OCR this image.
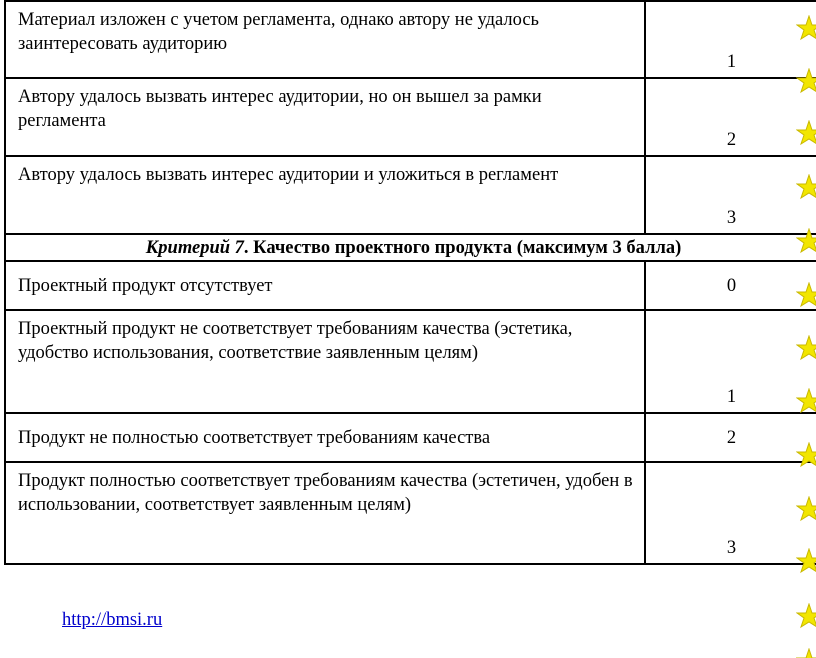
Материал изложен с учетом регламента, однако автору не удалось заинтересовать аудиторию	1
Автору удалось вызвать интерес аудитории, но он вышел за рамки регламента	2
Автору удалось вызвать интерес аудитории и уложиться в регламент	3
Критерий 7. Качество проектного продукта (максимум 3 балла)	
Проектный продукт отсутствует	0
Проектный продукт не соответствует требованиям качества (эстетика, удобство использования, соответствие заявленным целям)	1
Продукт не полностью соответствует требованиям качества	2
Продукт полностью соответствует требованиям качества (эстетичен, удобен в использовании, соответствует заявленным целям)	3
http://bmsi.ru
